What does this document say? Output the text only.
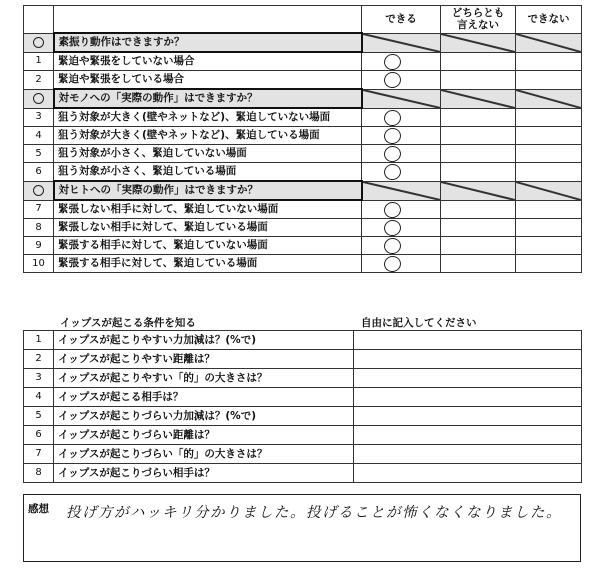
		できる	どちらとも
言えない	できない
	素振り動作はできますか？	

1	緊迫や緊張をしていない場合	

2	緊迫や緊張をしている場合	

	対モノへの「実際の動作」はできますか？	

3	狙う対象が大きく(壁やネットなど)、緊迫していない場面	

4	狙う対象が大きく(壁やネットなど)、緊迫している場面	

5	狙う対象が小さく、緊迫していない場面	

6	狙う対象が小さく、緊迫している場面	

	対ヒトへの「実際の動作」はできますか？	

7	緊張しない相手に対して、緊迫していない場面	

8	緊張しない相手に対して、緊迫している場面	

9	緊張する相手に対して、緊迫していない場面	

10	緊張する相手に対して、緊迫している場面	

イップスが起こる条件を知る	自由に記入してください
1	イップスが起こりやすい力加減は？(%で)	
2	イップスが起こりやすい距離は？	
3	イップスが起こりやすい「的」の大きさは？	
4	イップスが起こる相手は？	
5	イップスが起こりづらい力加減は？(%で)	
6	イップスが起こりづらい距離は？	
7	イップスが起こりづらい「的」の大きさは？	
8	イップスが起こりづらい相手は？	
感想 投げ方がハッキリ分かりました。投げることが怖くなくなりました。
